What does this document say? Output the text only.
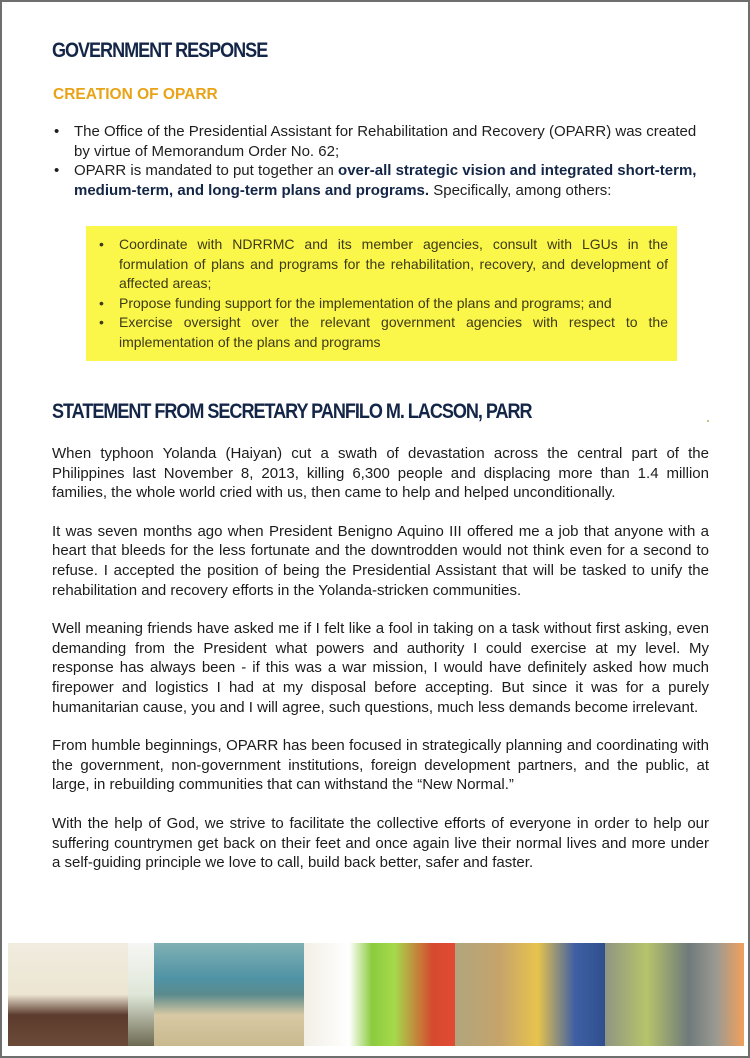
GOVERNMENT RESPONSE
CREATION OF OPARR
• The Office of the Presidential Assistant for Rehabilitation and Recovery (OPARR) was created by virtue of Memorandum Order No. 62;
• OPARR is mandated to put together an over-all strategic vision and integrated short-term, medium-term, and long-term plans and programs. Specifically, among others:
• Coordinate with NDRRMC and its member agencies, consult with LGUs in the formulation of plans and programs for the rehabilitation, recovery, and development of affected areas;
• Propose funding support for the implementation of the plans and programs; and
• Exercise oversight over the relevant government agencies with respect to the implementation of the plans and programs
STATEMENT FROM SECRETARY PANFILO M. LACSON, PARR

When typhoon Yolanda (Haiyan) cut a swath of devastation across the central part of the Philippines last November 8, 2013, killing 6,300 people and displacing more than 1.4 million families, the whole world cried with us, then came to help and helped unconditionally.

It was seven months ago when President Benigno Aquino III offered me a job that anyone with a heart that bleeds for the less fortunate and the downtrodden would not think even for a second to refuse. I accepted the position of being the Presidential Assistant that will be tasked to unify the rehabilitation and recovery efforts in the Yolanda-stricken communities.

Well meaning friends have asked me if I felt like a fool in taking on a task without first asking, even demanding from the President what powers and authority I could exercise at my level. My response has always been - if this was a war mission, I would have definitely asked how much firepower and logistics I had at my disposal before accepting. But since it was for a purely humanitarian cause, you and I will agree, such questions, much less demands become irrelevant.

From humble beginnings, OPARR has been focused in strategically planning and coordinating with the government, non-government institutions, foreign development partners, and the public, at large, in rebuilding communities that can withstand the “New Normal.”

With the help of God, we strive to facilitate the collective efforts of everyone in order to help our suffering countrymen get back on their feet and once again live their normal lives and more under a self-guiding principle we love to call, build back better, safer and faster.
